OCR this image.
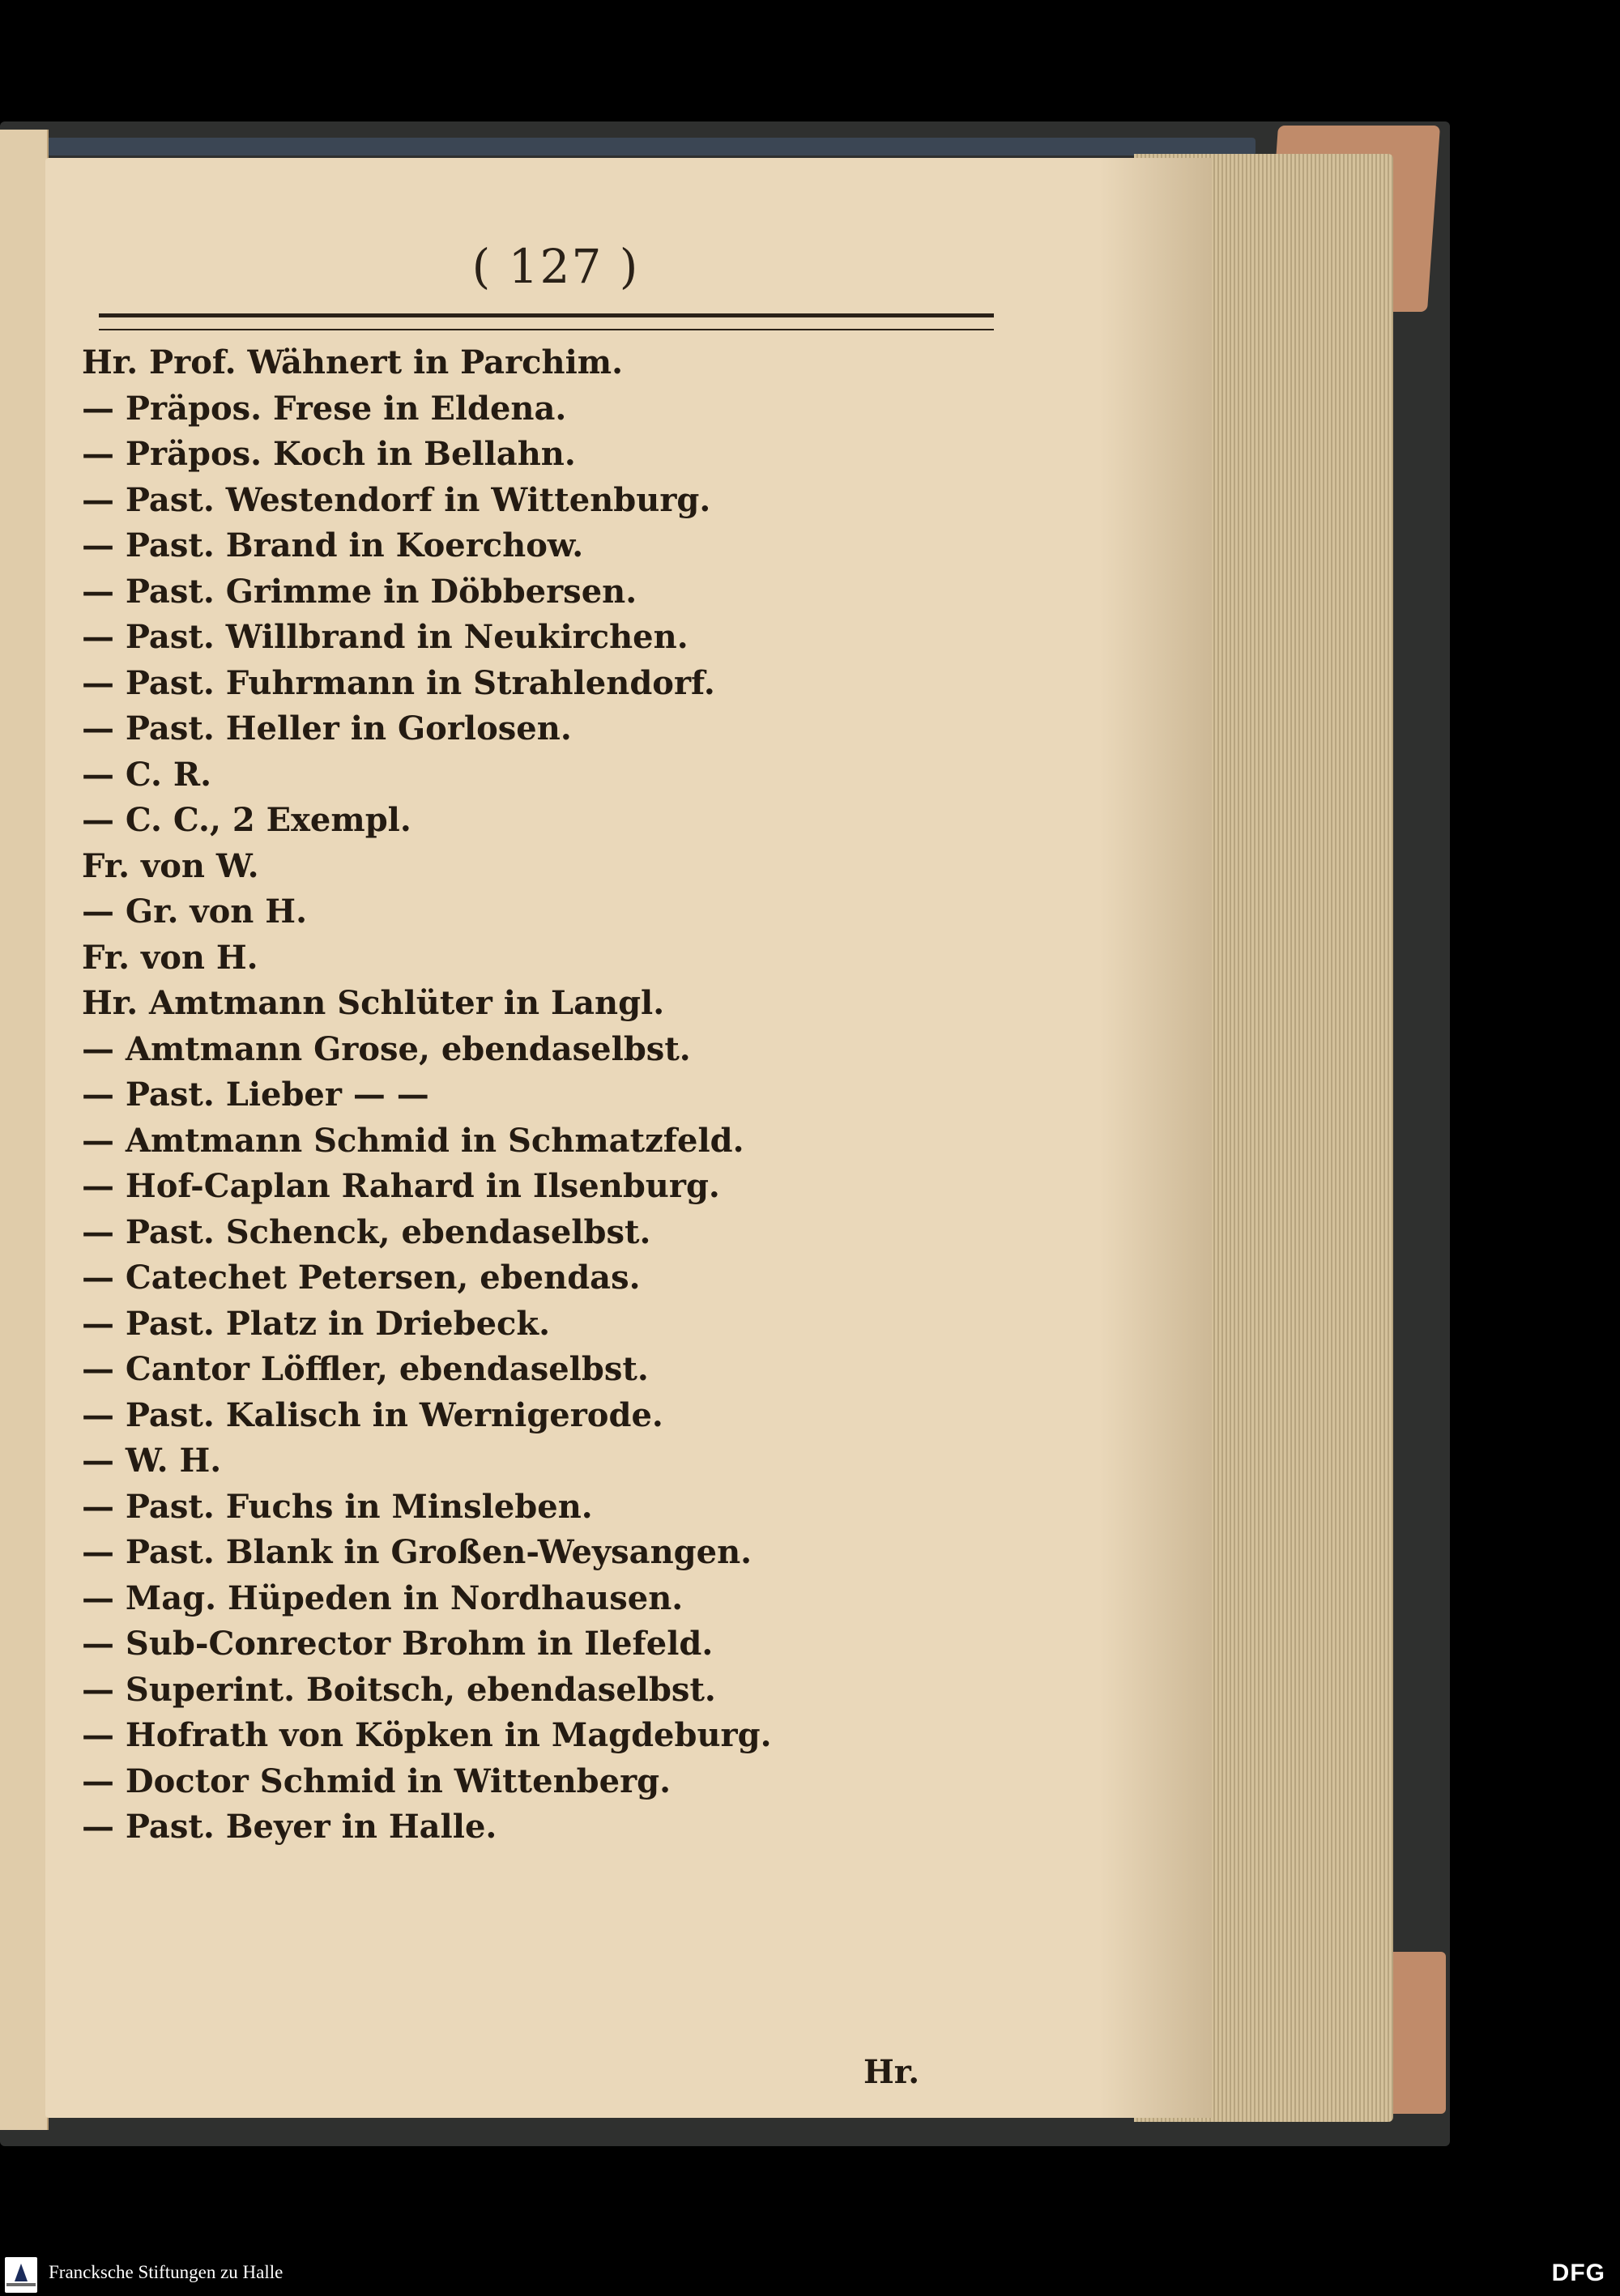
( 127 )

Hr. Prof. Wähnert in Parchim.
— Präpos. Frese in Eldena.
— Präpos. Koch in Bellahn.
— Past. Westendorf in Wittenburg.
— Past. Brand in Koerchow.
— Past. Grimme in Döbbersen.
— Past. Willbrand in Neukirchen.
— Past. Fuhrmann in Strahlendorf.
— Past. Heller in Gorlosen.
— C. R.
— C. C., 2 Exempl.
Fr. von W.
— Gr. von H.
Fr. von H.
Hr. Amtmann Schlüter in Langl.
— Amtmann Grose, ebendaselbst.
— Past. Lieber — —
— Amtmann Schmid in Schmatzfeld.
— Hof-Caplan Rahard in Ilsenburg.
— Past. Schenck, ebendaselbst.
— Catechet Petersen, ebendas.
— Past. Platz in Driebeck.
— Cantor Löffler, ebendaselbst.
— Past. Kalisch in Wernigerode.
— W. H.
— Past. Fuchs in Minsleben.
— Past. Blank in Großen-Weysangen.
— Mag. Hüpeden in Nordhausen.
— Sub-Conrector Brohm in Ilefeld.
— Superint. Boitsch, ebendaselbst.
— Hofrath von Köpken in Magdeburg.
— Doctor Schmid in Wittenberg.
— Past. Beyer in Halle.

Hr.

Francksche Stiftungen zu Halle	DFG
